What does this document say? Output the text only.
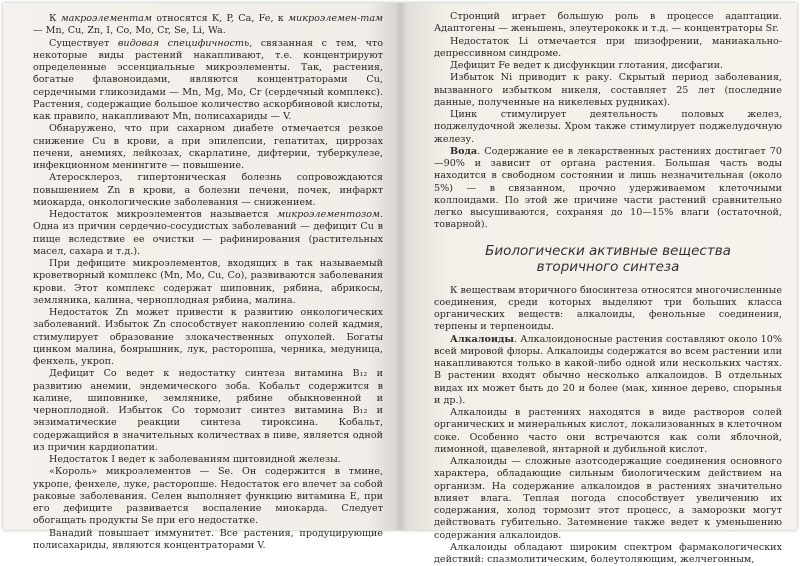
К макроэлементам относятся K, P, Ca, Fe, к микроэлемен-там — Mn, Cu, Zn, I, Co, Mo, Cr, Se, Li, Wa.

Существует видовая специфичность, связанная с тем, что некоторые виды растений накапливают, т.е. концентрируют определенные эссенциальные микроэлементы. Так, растения, богатые флавоноидами, являются концентраторами Cu, сердечными гликозидами — Mn, Mg, Mo, Cr (сердечный комплекс). Растения, содержащие большое количество аскорбиновой кислоты, как правило, накапливают Mn, полисахариды — V.

Обнаружено, что при сахарном диабете отмечается резкое снижение Cu в крови, а при эпилепсии, гепатитах, циррозах печени, анемиях, лейкозах, скарлатине, дифтерии, туберкулезе, инфекционном менингите — повышение.

Атеросклероз, гипертоническая болезнь сопровождаются повышением Zn в крови, а болезни печени, почек, инфаркт миокарда, онкологические заболевания — снижением.

Недостаток микроэлементов называется микроэлементозом. Одна из причин сердечно-сосудистых заболеваний — дефицит Cu в пище вследствие ее очистки — рафинирования (растительных масел, сахара и т.д.).

При дефиците микроэлементов, входящих в так называемый кроветворный комплекс (Mn, Mo, Cu, Co), развиваются заболевания крови. Этот комплекс содержат шиповник, рябина, абрикосы, земляника, калина, черноплодная рябина, малина.

Недостаток Zn может привести к развитию онкологических заболеваний. Избыток Zn способствует накоплению солей кадмия, стимулирует образование злокачественных опухолей. Богаты цинком малина, боярышник, лук, расторопша, черника, медуница, фенхель, укроп.

Дефицит Co ведет к недостатку синтеза витамина B₁₂ и развитию анемии, эндемического зоба. Кобальт содержится в калине, шиповнике, землянике, рябине обыкновенной и черноплодной. Избыток Co тормозит синтез витамина B₁₂ и энзиматические реакции синтеза тироксина. Кобальт, содержащийся в значительных количествах в пиве, является одной из причин кардиопатии.

Недостаток I ведет к заболеваниям щитовидной железы.

«Король» микроэлементов — Se. Он содержится в тмине, укропе, фенхеле, луке, расторопше. Недостаток его влечет за собой раковые заболевания. Селен выполняет функцию витамина E, при его дефиците развивается воспаление миокарда. Следует обогащать продукты Se при его недостатке.

Ванадий повышает иммунитет. Все растения, продуцирующие полисахариды, являются концентраторами V.

Стронций играет большую роль в процессе адаптации. Адаптогены — женьшень, элеутерококк и т.д. — концентраторы Sr.

Недостаток Li отмечается при шизофрении, маниакально-депрессивном синдроме.

Дефицит Fe ведет к дисфункции глотания, дисфагии.

Избыток Ni приводит к раку. Скрытый период заболевания, вызванного избытком никеля, составляет 25 лет (последние данные, полученные на никелевых рудниках).

Цинк стимулирует деятельность половых желез, поджелудочной железы. Хром также стимулирует поджелудочную железу.

Вода. Содержание ее в лекарственных растениях достигает 70—90% и зависит от органа растения. Большая часть воды находится в свободном состоянии и лишь незначительная (около 5%) — в связанном, прочно удерживаемом клеточными коллоидами. По этой же причине части растений сравнительно легко высушиваются, сохраняя до 10—15% влаги (остаточной, товарной).

Биологически активные вещества
вторичного синтеза

К веществам вторичного биосинтеза относятся многочисленные соединения, среди которых выделяют три больших класса органических веществ: алкалоиды, фенольные соединения, терпены и терпеноиды.

Алкалоиды. Алкалоидоносные растения составляют около 10% всей мировой флоры. Алкалоиды содержатся во всем растении или накапливаются только в какой-либо одной или нескольких частях. В растении входят обычно несколько алкалоидов. В отдельных видах их может быть до 20 и более (мак, хинное дерево, спорынья и др.).

Алкалоиды в растениях находятся в виде растворов солей органических и минеральных кислот, локализованных в клеточном соке. Особенно часто они встречаются как соли яблочной, лимонной, щавелевой, янтарной и дубильной кислот.

Алкалоиды — сложные азотсодержащие соединения основного характера, обладающие сильным биологическим действием на организм. На содержание алкалоидов в растениях значительно влияет влага. Теплая погода способствует увеличению их содержания, холод тормозит этот процесс, а заморозки могут действовать губительно. Затемнение также ведет к уменьшению содержания алкалоидов.

Алкалоиды обладают широким спектром фармакологических действий: спазмолитическим, болеутоляющим, желчегонным,
